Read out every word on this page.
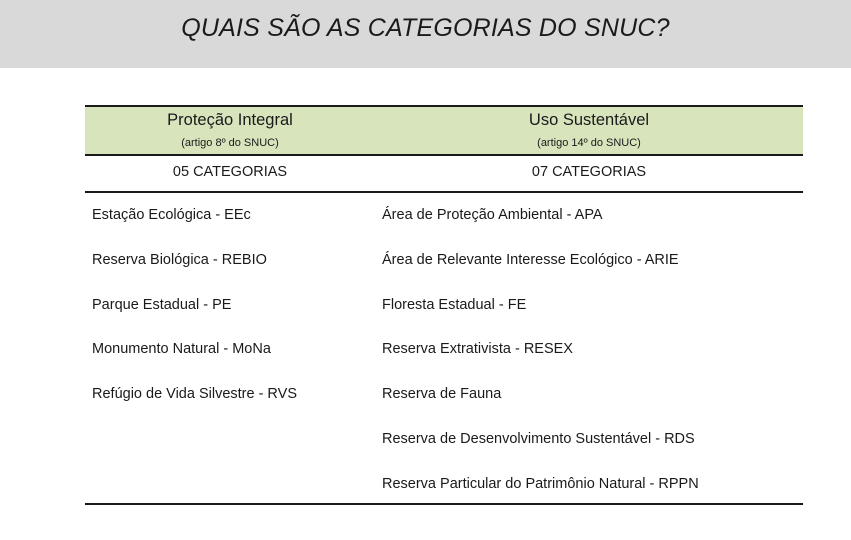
QUAIS SÃO AS CATEGORIAS DO SNUC?
Proteção Integral
(artigo 8º do SNUC)
Uso Sustentável
(artigo 14º do SNUC)
05 CATEGORIAS	07 CATEGORIAS
Estação Ecológica - EEc
Reserva Biológica - REBIO
Parque Estadual - PE
Monumento Natural - MoNa
Refúgio de Vida Silvestre - RVS
Área de Proteção Ambiental - APA
Área de Relevante Interesse Ecológico - ARIE
Floresta Estadual - FE
Reserva Extrativista - RESEX
Reserva de Fauna
Reserva de Desenvolvimento Sustentável - RDS
Reserva Particular do Patrimônio Natural - RPPN
